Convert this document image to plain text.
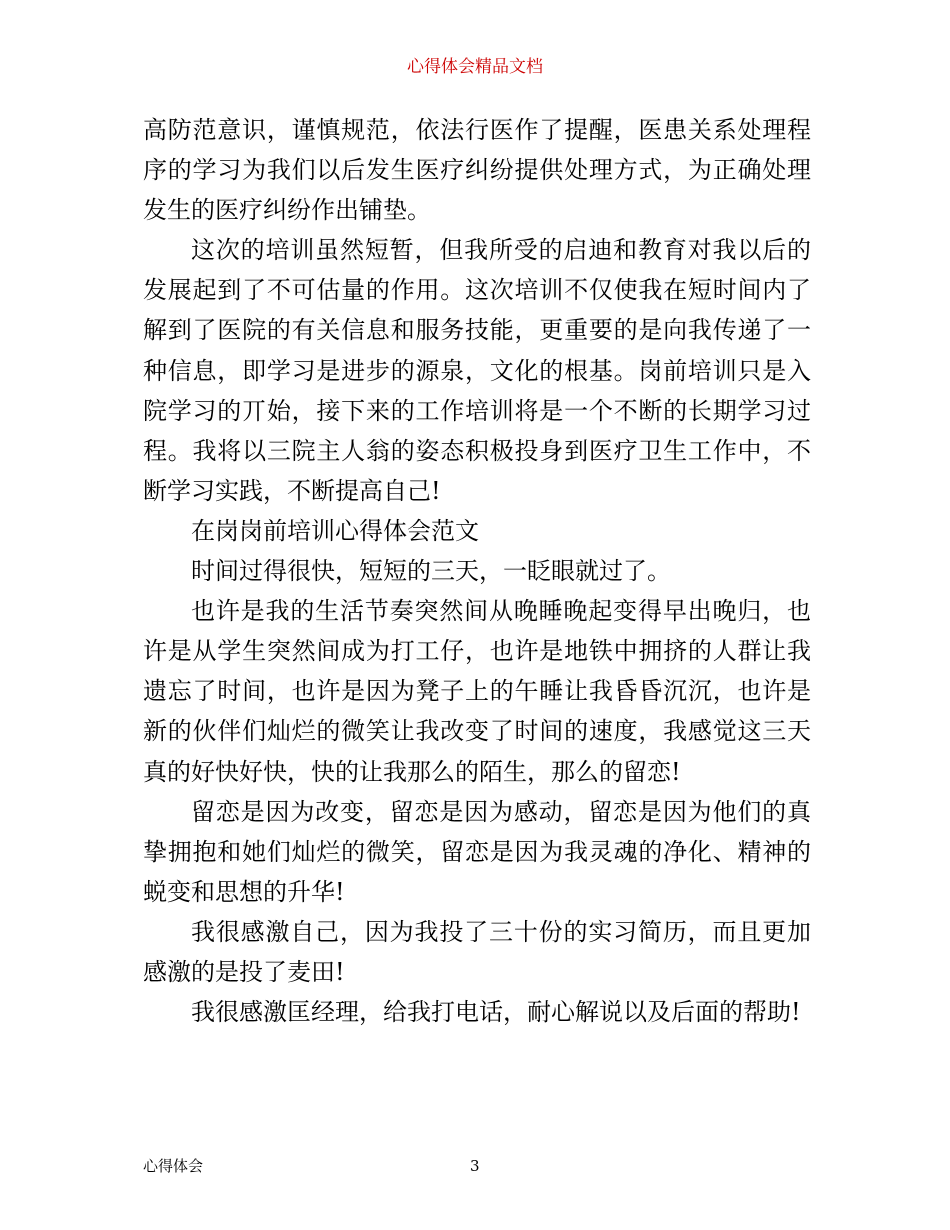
心得体会精品文档

高防范意识，谨慎规范，依法行医作了提醒，医患关系处理程序的学习为我们以后发生医疗纠纷提供处理方式，为正确处理发生的医疗纠纷作出铺垫。

这次的培训虽然短暂，但我所受的启迪和教育对我以后的发展起到了不可估量的作用。这次培训不仅使我在短时间内了解到了医院的有关信息和服务技能，更重要的是向我传递了一种信息，即学习是进步的源泉，文化的根基。岗前培训只是入院学习的丌始，接下来的工作培训将是一个不断的长期学习过程。我将以三院主人翁的姿态积极投身到医疗卫生工作中，不断学习实践，不断提高自己!

在岗岗前培训心得体会范文

时间过得很快，短短的三天，一眨眼就过了。

也许是我的生活节奏突然间从晚睡晚起变得早出晚归，也许是从学生突然间成为打工仔，也许是地铁中拥挤的人群让我遗忘了时间，也许是因为凳子上的午睡让我昏昏沉沉，也许是新的伙伴们灿烂的微笑让我改变了时间的速度，我感觉这三天真的好快好快，快的让我那么的陌生，那么的留恋!

留恋是因为改变，留恋是因为感动，留恋是因为他们的真挚拥抱和她们灿烂的微笑，留恋是因为我灵魂的净化、精神的蜕变和思想的升华!

我很感激自己，因为我投了三十份的实习简历，而且更加感激的是投了麦田!

我很感激匡经理，给我打电话，耐心解说以及后面的帮助!

心得体会	3
